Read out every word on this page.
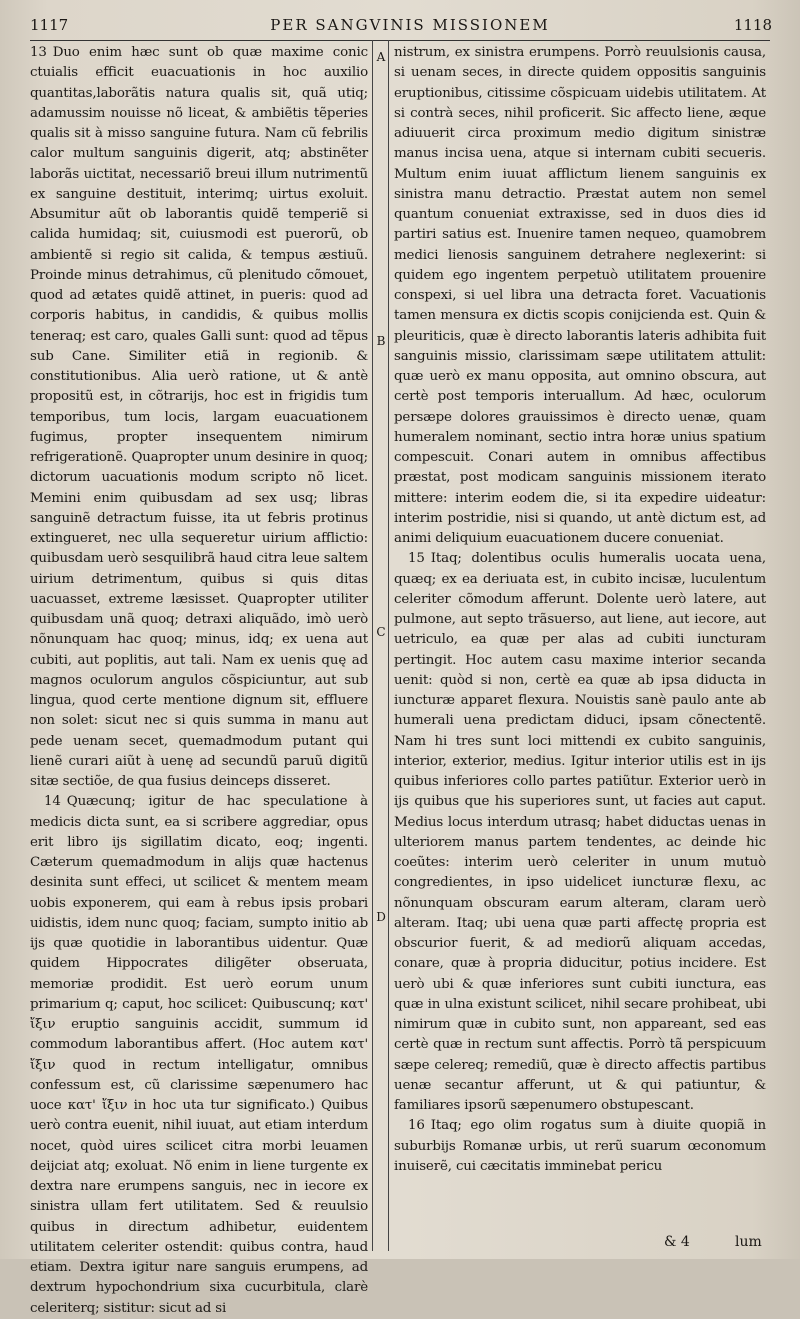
1117	PER SANGVINIS MISSIONEM	1118
A
B
C
D

13 Duo enim hæc sunt ob quæ maxime conic ctuialis efficit euacuationis in hoc auxilio quantitas,laborãtis natura qualis sit, quã utiq; adamussim nouisse nõ liceat, & ambiẽtis tẽperies qualis sit à misso sanguine futura. Nam cũ febrilis calor multum sanguinis digerit, atq; abstinẽter laborãs uictitat, necessariõ breui illum nutrimentũ ex sanguine destituit, interimq; uirtus exoluit. Absumitur aũt ob laborantis quidẽ temperiẽ si calida humidaq; sit, cuiusmodi est puerorũ, ob ambientẽ si regio sit calida, & tempus æstiuũ. Proinde minus detrahimus, cũ plenitudo cõmouet, quod ad ætates quidẽ attinet, in pueris: quod ad corporis habitus, in candidis, & quibus mollis teneraq; est caro, quales Galli sunt: quod ad tẽpus sub Cane. Similiter etiã in regionib. & constitutionibus. Alia uerò ratione, ut & antè propositũ est, in cõtrarijs, hoc est in frigidis tum temporibus, tum locis, largam euacuationem fugimus, propter insequentem nimirum refrigerationẽ. Quapropter unum desinire in quoq; dictorum uacuationis modum scripto nõ licet. Memini enim quibusdam ad sex usq; libras sanguinẽ detractum fuisse, ita ut febris protinus extingueret, nec ulla sequeretur uirium afflictio: quibusdam uerò sesquilibrã haud citra leue saltem uirium detrimentum, quibus si quis ditas uacuasset, extreme læsisset. Quapropter utiliter quibusdam unã quoq; detraxi aliquãdo, imò uerò nõnunquam hac quoq; minus, idq; ex uena aut cubiti, aut poplitis, aut tali. Nam ex uenis quę ad magnos oculorum angulos cõspiciuntur, aut sub lingua, quod certe mentione dignum sit, effluere non solet: sicut nec si quis summa in manu aut pede uenam secet, quemadmodum putant qui lienẽ curari aiũt à uenę ad secundũ paruũ digitũ sitæ sectiõe, de qua fusius deinceps disseret.

14 Quæcunq; igitur de hac speculatione à medicis dicta sunt, ea si scribere aggrediar, opus erit libro ijs sigillatim dicato, eoq; ingenti. Cæterum quemadmodum in alijs quæ hactenus desinita sunt effeci, ut scilicet & mentem meam uobis exponerem, qui eam à rebus ipsis probari uidistis, idem nunc quoq; faciam, sumpto initio ab ijs quæ quotidie in laborantibus uidentur. Quæ quidem Hippocrates diligẽter obseruata, memoriæ prodidit. Est uerò eorum unum primarium q; caput, hoc scilicet: Quibuscunq; κατ' ἴξιν eruptio sanguinis accidit, summum id commodum laborantibus affert. (Hoc autem κατ' ἴξιν quod in rectum intelligatur, omnibus confessum est, cũ clarissime sæpenumero hac uoce κατ' ἴξιν in hoc uta tur significato.) Quibus uerò contra euenit, nihil iuuat, aut etiam interdum nocet, quòd uires scilicet citra morbi leuamen deijciat atq; exoluat. Nõ enim in liene turgente ex dextra nare erumpens sanguis, nec in iecore ex sinistra ullam fert utilitatem. Sed & reuulsio quibus in directum adhibetur, euidentem utilitatem celeriter ostendit: quibus contra, haud etiam. Dextra igitur nare sanguis erumpens, ad dextrum hypochondrium sixa cucurbitula, clarè celeriterq; sistitur: sicut ad si

nistrum, ex sinistra erumpens. Porrò reuulsionis causa, si uenam seces, in directe quidem oppositis sanguinis eruptionibus, citissime cõspicuam uidebis utilitatem. At si contrà seces, nihil proficerit. Sic affecto liene, æque adiuuerit circa proximum medio digitum sinistræ manus incisa uena, atque si internam cubiti secueris. Multum enim iuuat afflictum lienem sanguinis ex sinistra manu detractio. Præstat autem non semel quantum conueniat extraxisse, sed in duos dies id partiri satius est. Inuenire tamen nequeo, quamobrem medici lienosis sanguinem detrahere neglexerint: si quidem ego ingentem perpetuò utilitatem prouenire conspexi, si uel libra una detracta foret. Vacuationis tamen mensura ex dictis scopis conijcienda est. Quin & pleuriticis, quæ è directo laborantis lateris adhibita fuit sanguinis missio, clarissimam sæpe utilitatem attulit: quæ uerò ex manu opposita, aut omnino obscura, aut certè post temporis interuallum. Ad hæc, oculorum persæpe dolores grauissimos è directo uenæ, quam humeralem nominant, sectio intra horæ unius spatium compescuit. Conari autem in omnibus affectibus præstat, post modicam sanguinis missionem iterato mittere: interim eodem die, si ita expedire uideatur: interim postridie, nisi si quando, ut antè dictum est, ad animi deliquium euacuationem ducere conueniat.

15 Itaq; dolentibus oculis humeralis uocata uena, quæq; ex ea deriuata est, in cubito incisæ, luculentum celeriter cõmodum afferunt. Dolente uerò latere, aut pulmone, aut septo trãsuerso, aut liene, aut iecore, aut uetriculo, ea quæ per alas ad cubiti iuncturam pertingit. Hoc autem casu maxime interior secanda uenit: quòd si non, certè ea quæ ab ipsa diducta in iuncturæ apparet flexura. Nouistis sanè paulo ante ab humerali uena predictam diduci, ipsam cõnectentẽ. Nam hi tres sunt loci mittendi ex cubito sanguinis, interior, exterior, medius. Igitur interior utilis est in ijs quibus inferiores collo partes patiũtur. Exterior uerò in ijs quibus que his superiores sunt, ut facies aut caput. Medius locus interdum utrasq; habet diductas uenas in ulteriorem manus partem tendentes, ac deinde hic coeũtes: interim uerò celeriter in unum mutuò congredientes, in ipso uidelicet iuncturæ flexu, ac nõnunquam obscuram earum alteram, claram uerò alteram. Itaq; ubi uena quæ parti affectę propria est obscurior fuerit, & ad mediorũ aliquam accedas, conare, quæ à propria diducitur, potius incidere. Est uerò ubi & quæ inferiores sunt cubiti iunctura, eas quæ in ulna existunt scilicet, nihil secare prohibeat, ubi nimirum quæ in cubito sunt, non appareant, sed eas certè quæ in rectum sunt affectis. Porrò tã perspicuum sæpe celereq; remediũ, quæ è directo affectis partibus uenæ secantur afferunt, ut & qui patiuntur, & familiares ipsorũ sæpenumero obstupescant.

16 Itaq; ego olim rogatus sum à diuite quopiã in suburbijs Romanæ urbis, ut rerũ suarum œconomum inuiserẽ, cui cæcitatis imminebat pericu

& 4	lum
